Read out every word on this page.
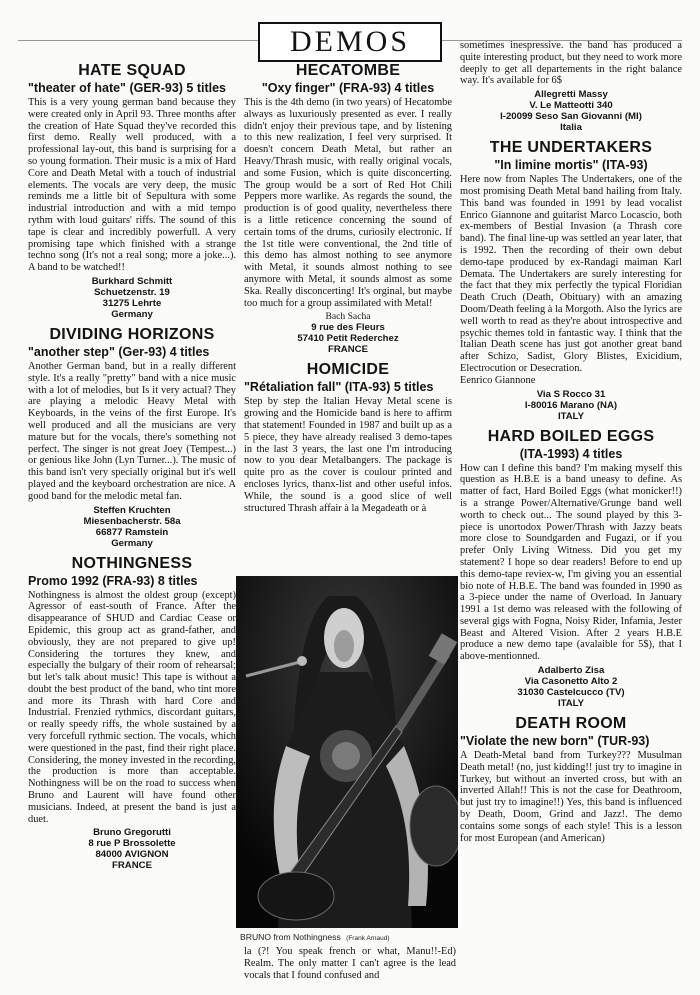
DEMOS
HATE SQUAD
"theater of hate" (GER-93) 5 titles

This is a very young german band because they were created only in April 93. Three months after the creation of Hate Squad they've recorded this first demo. Really well produced, with a professional lay-out, this band is surprising for a so young formation. Their music is a mix of Hard Core and Death Metal with a touch of industrial elements. The vocals are very deep, the music reminds me a little bit of Sepultura with some industrial introduction and with a mid tempo rythm with loud guitars' riffs. The sound of this tape is clear and incredibly powerfull. A very promising tape which finished with a strange techno song (It's not a real song; more a joke...). A band to be watched!!

Burkhard Schmitt
Schuetzenstr. 19
31275 Lehrte
Germany
DIVIDING HORIZONS
"another step" (Ger-93) 4 titles

Another German band, but in a really different style. It's a really "pretty" band with a nice music with a lot of melodies, but Is it very actual? They are playing a melodic Heavy Metal with Keyboards, in the veins of the first Europe. It's well produced and all the musicians are very mature but for the vocals, there's something not perfect. The singer is not great Joey (Tempest...) or genious like John (Lyn Turner...). The music of this band isn't very specially original but it's well played and the keyboard orchestration are nice. A good band for the melodic metal fan.

Steffen Kruchten
Miesenbacherstr. 58a
66877 Ramstein
Germany
NOTHINGNESS
Promo 1992 (FRA-93) 8 titles

Nothingness is almost the oldest group (except) Agressor of east-south of France. After the disappearance of SHUD and Cardiac Cease or Epidemic, this group act as grand-father, and obviously, they are not prepared to give up! Considering the tortures they knew, and especially the bulgary of their room of rehearsal; but let's talk about music! This tape is without a doubt the best product of the band, who tint more and more its Thrash with hard Core and Industrial. Frenzied rythmics, discordant guitars, or really speedy riffs, the whole sustained by a very forcefull rythmic section. The vocals, which were questioned in the past, find their right place. Considering, the money invested in the recording, the production is more than acceptable. Nothingness will be on the road to success when Bruno and Laurent will have found other musicians. Indeed, at present the band is just a duet.

Bruno Gregorutti
8 rue P Brossolette
84000 AVIGNON
FRANCE
HECATOMBE
"Oxy finger" (FRA-93) 4 titles

This is the 4th demo (in two years) of Hecatombe always as luxuriously presented as ever. I really didn't enjoy their previous tape, and by listening to this new realization, I feel very surprised. It doesn't concern Death Metal, but rather an Heavy/Thrash music, with really original vocals, and some Fusion, which is quite disconcerting. The group would be a sort of Red Hot Chili Peppers more warlike. As regards the sound, the production is of good quality, nevertheless there is a little reticence concerning the sound of certain toms of the drums, curiosily electronic. If the 1st title were conventional, the 2nd title of this demo has almost nothing to see anymore with Metal, it sounds almost nothing to see anymore with Metal, it sounds almost as some Ska. Really disconcerting! It's orginal, but maybe too much for a group assimilated with Metal!

Bach Sacha
9 rue des Fleurs
57410 Petit Rederchez
FRANCE
HOMICIDE
"Rétaliation fall" (ITA-93) 5 titles

Step by step the Italian Hevay Metal scene is growing and the Homicide band is here to affirm that statement! Founded in 1987 and built up as a 5 piece, they have already realised 3 demo-tapes in the last 3 years, the last one I'm introducing now to you dear Metalbangers. The package is quite pro as the cover is coulour printed and encloses lyrics, thanx-list and other useful infos. While, the sound is a good slice of well structured Thrash affair à la Megadeath or à

BRUNO from Nothingness (Frank Arnaud)
la (?! You speak french or what, Manu!!-Ed) Realm. The only matter I can't agree is the lead vocals that I found confused and

sometimes inespressive. the band has produced a quite interesting product, but they need to work more deeply to get all departements in the right balance way. It's available for 6$

Allegretti Massy
V. Le Matteotti 340
I-20099 Seso San Giovanni (MI)
Italia
THE UNDERTAKERS
"In limine mortis" (ITA-93)

Here now from Naples The Undertakers, one of the most promising Death Metal band hailing from Italy. This band was founded in 1991 by lead vocalist Enrico Giannone and guitarist Marco Locascio, both ex-members of Bestial Invasion (a Thrash core band). The final line-up was settled an year later, that is 1992. Then the recording of their own debut demo-tape produced by ex-Randagi maiman Karl Demata. The Undertakers are surely interesting for the fact that they mix perfectly the typical Floridian Death Cruch (Death, Obituary) with an amazing Doom/Death feeling à la Morgoth. Also the lyrics are well worth to read as they're about introspective and psychic themes told in fantastic way. I think that the Italian Death scene has just got another great band after Schizo, Sadist, Glory Blistes, Exicidium, Electrocution or Desecration.

Eenrico Giannone
Via S Rocco 31
I-80016 Marano (NA)
ITALY
HARD BOILED EGGS
(ITA-1993) 4 titles

How can I define this band? I'm making myself this question as H.B.E is a band uneasy to define. As matter of fact, Hard Boiled Eggs (what monicker!!) is a strange Power/Alternative/Grunge band well worth to check out... The sound played by this 3-piece is unortodox Power/Thrash with Jazzy beats more close to Soundgarden and Fugazi, or if you prefer Only Living Witness. Did you get my statement? I hope so dear readers! Before to end up this demo-tape reviex-w, I'm giving you an essential bio note of H.B.E. The band was founded in 1990 as a 3-piece under the name of Overload. In January 1991 a 1st demo was released with the following of several gigs with Fogna, Noisy Rider, Infamia, Jester Beast and Altered Vision. After 2 years H.B.E produce a new demo tape (avalaible for 5$), that I above-mentionned.

Adalberto Zisa
Via Casonetto Alto 2
31030 Castelcucco (TV)
ITALY
DEATH ROOM
"Violate the new born" (TUR-93)

A Death-Metal band from Turkey??? Musulman Death metal! (no, just kidding!! just try to imagine in Turkey, but without an inverted cross, but with an inverted Allah!! This is not the case for Deathroom, but just try to imagine!!) Yes, this band is influenced by Death, Doom, Grind and Jazz!. The demo contains some songs of each style! This is a lesson for most European (and American)
